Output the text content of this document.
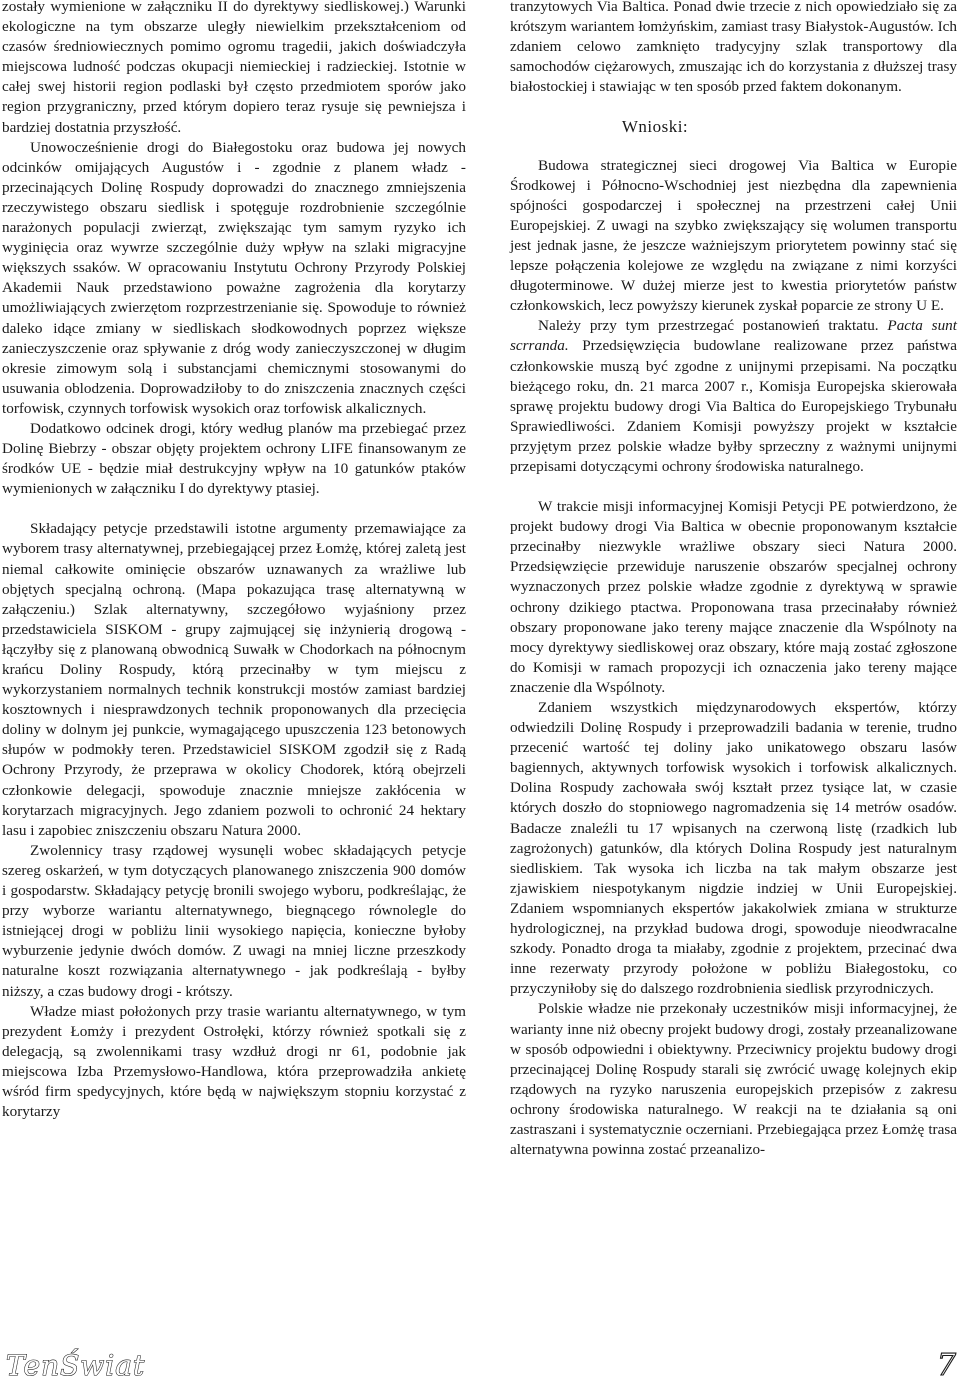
zostały wymienione w załączniku II do dyrektywy siedliskowej.) Warunki ekologiczne na tym obszarze uległy niewielkim przekształceniom od czasów średniowiecznych pomimo ogromu tragedii, jakich doświadczyła miejscowa ludność podczas okupacji niemieckiej i radzieckiej. Istotnie w całej swej historii region podlaski był często przedmiotem sporów jako region przygraniczny, przed którym dopiero teraz rysuje się pewniejsza i bardziej dostatnia przyszłość.

Unowocześnienie drogi do Białegostoku oraz budowa jej nowych odcinków omijających Augustów i - zgodnie z planem władz - przecinających Dolinę Rospudy doprowadzi do znacznego zmniejszenia rzeczywistego obszaru siedlisk i spotęguje rozdrobnienie szczególnie narażonych populacji zwierząt, zwiększając tym samym ryzyko ich wyginięcia oraz wywrze szczególnie duży wpływ na szlaki migracyjne większych ssaków. W opracowaniu Instytutu Ochrony Przyrody Polskiej Akademii Nauk przedstawiono poważne zagrożenia dla korytarzy umożliwiających zwierzętom rozprzestrzenianie się. Spowoduje to również daleko idące zmiany w siedliskach słodkowodnych poprzez większe zanieczyszczenie oraz spływanie z dróg wody zanieczyszczonej w długim okresie zimowym solą i substancjami chemicznymi stosowanymi do usuwania oblodzenia. Doprowadziłoby to do zniszczenia znacznych części torfowisk, czynnych torfowisk wysokich oraz torfowisk alkalicznych.

Dodatkowo odcinek drogi, który według planów ma przebiegać przez Dolinę Biebrzy - obszar objęty projektem ochrony LIFE finansowanym ze środków UE - będzie miał destrukcyjny wpływ na 10 gatunków ptaków wymienionych w załączniku I do dyrektywy ptasiej.

Składający petycje przedstawili istotne argumenty przemawiające za wyborem trasy alternatywnej, przebiegającej przez Łomżę, której zaletą jest niemal całkowite ominięcie obszarów uznawanych za wrażliwe lub objętych specjalną ochroną. (Mapa pokazująca trasę alternatywną w załączeniu.) Szlak alternatywny, szczegółowo wyjaśniony przez przedstawiciela SISKOM - grupy zajmującej się inżynierią drogową - łączyłby się z planowaną obwodnicą Suwałk w Chodorkach na północnym krańcu Doliny Rospudy, którą przecinałby w tym miejscu z wykorzystaniem normalnych technik konstrukcji mostów zamiast bardziej kosztownych i niesprawdzonych technik proponowanych dla przecięcia doliny w dolnym jej punkcie, wymagającego upuszczenia 123 betonowych słupów w podmokły teren. Przedstawiciel SISKOM zgodził się z Radą Ochrony Przyrody, że przeprawa w okolicy Chodorek, którą obejrzeli członkowie delegacji, spowoduje znacznie mniejsze zakłócenia w korytarzach migracyjnych. Jego zdaniem pozwoli to ochronić 24 hektary lasu i zapobiec zniszczeniu obszaru Natura 2000.

Zwolennicy trasy rządowej wysunęli wobec składających petycje szereg oskarżeń, w tym dotyczących planowanego zniszczenia 900 domów i gospodarstw. Składający petycję bronili swojego wyboru, podkreślając, że przy wyborze wariantu alternatywnego, biegnącego równolegle do istniejącej drogi w pobliżu linii wysokiego napięcia, konieczne byłoby wyburzenie jedynie dwóch domów. Z uwagi na mniej liczne przeszkody naturalne koszt rozwiązania alternatywnego - jak podkreślają - byłby niższy, a czas budowy drogi - krótszy.

Władze miast położonych przy trasie wariantu alternatywnego, w tym prezydent Łomży i prezydent Ostrołęki, którzy również spotkali się z delegacją, są zwolennikami trasy wzdłuż drogi nr 61, podobnie jak miejscowa Izba Przemysłowo-Handlowa, która przeprowadziła ankietę wśród firm spedycyjnych, które będą w największym stopniu korzystać z korytarzy

tranzytowych Via Baltica. Ponad dwie trzecie z nich opowiedziało się za krótszym wariantem łomżyńskim, zamiast trasy Białystok-Augustów. Ich zdaniem celowo zamknięto tradycyjny szlak transportowy dla samochodów ciężarowych, zmuszając ich do korzystania z dłuższej trasy białostockiej i stawiając w ten sposób przed faktem dokonanym.

Wnioski:

Budowa strategicznej sieci drogowej Via Baltica w Europie Środkowej i Północno-Wschodniej jest niezbędna dla zapewnienia spójności gospodarczej i społecznej na przestrzeni całej Unii Europejskiej. Z uwagi na szybko zwiększający się wolumen transportu jest jednak jasne, że jeszcze ważniejszym priorytetem powinny stać się lepsze połączenia kolejowe ze względu na związane z nimi korzyści długoterminowe. W dużej mierze jest to kwestia priorytetów państw członkowskich, lecz powyższy kierunek zyskał poparcie ze strony U E.

Należy przy tym przestrzegać postanowień traktatu. Pacta sunt scrranda. Przedsięwzięcia budowlane realizowane przez państwa członkowskie muszą być zgodne z unijnymi przepisami. Na początku bieżącego roku, dn. 21 marca 2007 r., Komisja Europejska skierowała sprawę projektu budowy drogi Via Baltica do Europejskiego Trybunału Sprawiedliwości. Zdaniem Komisji powyższy projekt w kształcie przyjętym przez polskie władze byłby sprzeczny z ważnymi unijnymi przepisami dotyczącymi ochrony środowiska naturalnego.

W trakcie misji informacyjnej Komisji Petycji PE potwierdzono, że projekt budowy drogi Via Baltica w obecnie proponowanym kształcie przecinałby niezwykle wrażliwe obszary sieci Natura 2000. Przedsięwzięcie przewiduje naruszenie obszarów specjalnej ochrony wyznaczonych przez polskie władze zgodnie z dyrektywą w sprawie ochrony dzikiego ptactwa. Proponowana trasa przecinałaby również obszary proponowane jako tereny mające znaczenie dla Wspólnoty na mocy dyrektywy siedliskowej oraz obszary, które mają zostać zgłoszone do Komisji w ramach propozycji ich oznaczenia jako tereny mające znaczenie dla Wspólnoty.

Zdaniem wszystkich międzynarodowych ekspertów, którzy odwiedzili Dolinę Rospudy i przeprowadzili badania w terenie, trudno przecenić wartość tej doliny jako unikatowego obszaru lasów bagiennych, aktywnych torfowisk wysokich i torfowisk alkalicznych. Dolina Rospudy zachowała swój kształt przez tysiące lat, w czasie których doszło do stopniowego nagromadzenia się 14 metrów osadów. Badacze znaleźli tu 17 wpisanych na czerwoną listę (rzadkich lub zagrożonych) gatunków, dla których Dolina Rospudy jest naturalnym siedliskiem. Tak wysoka ich liczba na tak małym obszarze jest zjawiskiem niespotykanym nigdzie indziej w Unii Europejskiej. Zdaniem wspomnianych ekspertów jakakolwiek zmiana w strukturze hydrologicznej, na przykład budowa drogi, spowoduje nieodwracalne szkody. Ponadto droga ta miałaby, zgodnie z projektem, przecinać dwa inne rezerwaty przyrody położone w pobliżu Białegostoku, co przyczyniłoby się do dalszego rozdrobnienia siedlisk przyrodniczych.

Polskie władze nie przekonały uczestników misji informacyjnej, że warianty inne niż obecny projekt budowy drogi, zostały przeanalizowane w sposób odpowiedni i obiektywny. Przeciwnicy projektu budowy drogi przecinającej Dolinę Rospudy starali się zwrócić uwagę kolejnych ekip rządowych na ryzyko naruszenia europejskich przepisów z zakresu ochrony środowiska naturalnego. W reakcji na te działania są oni zastraszani i systematycznie oczerniani. Przebiegająca przez Łomżę trasa alternatywna powinna zostać przeanalizo-

TenŚwiat	7
